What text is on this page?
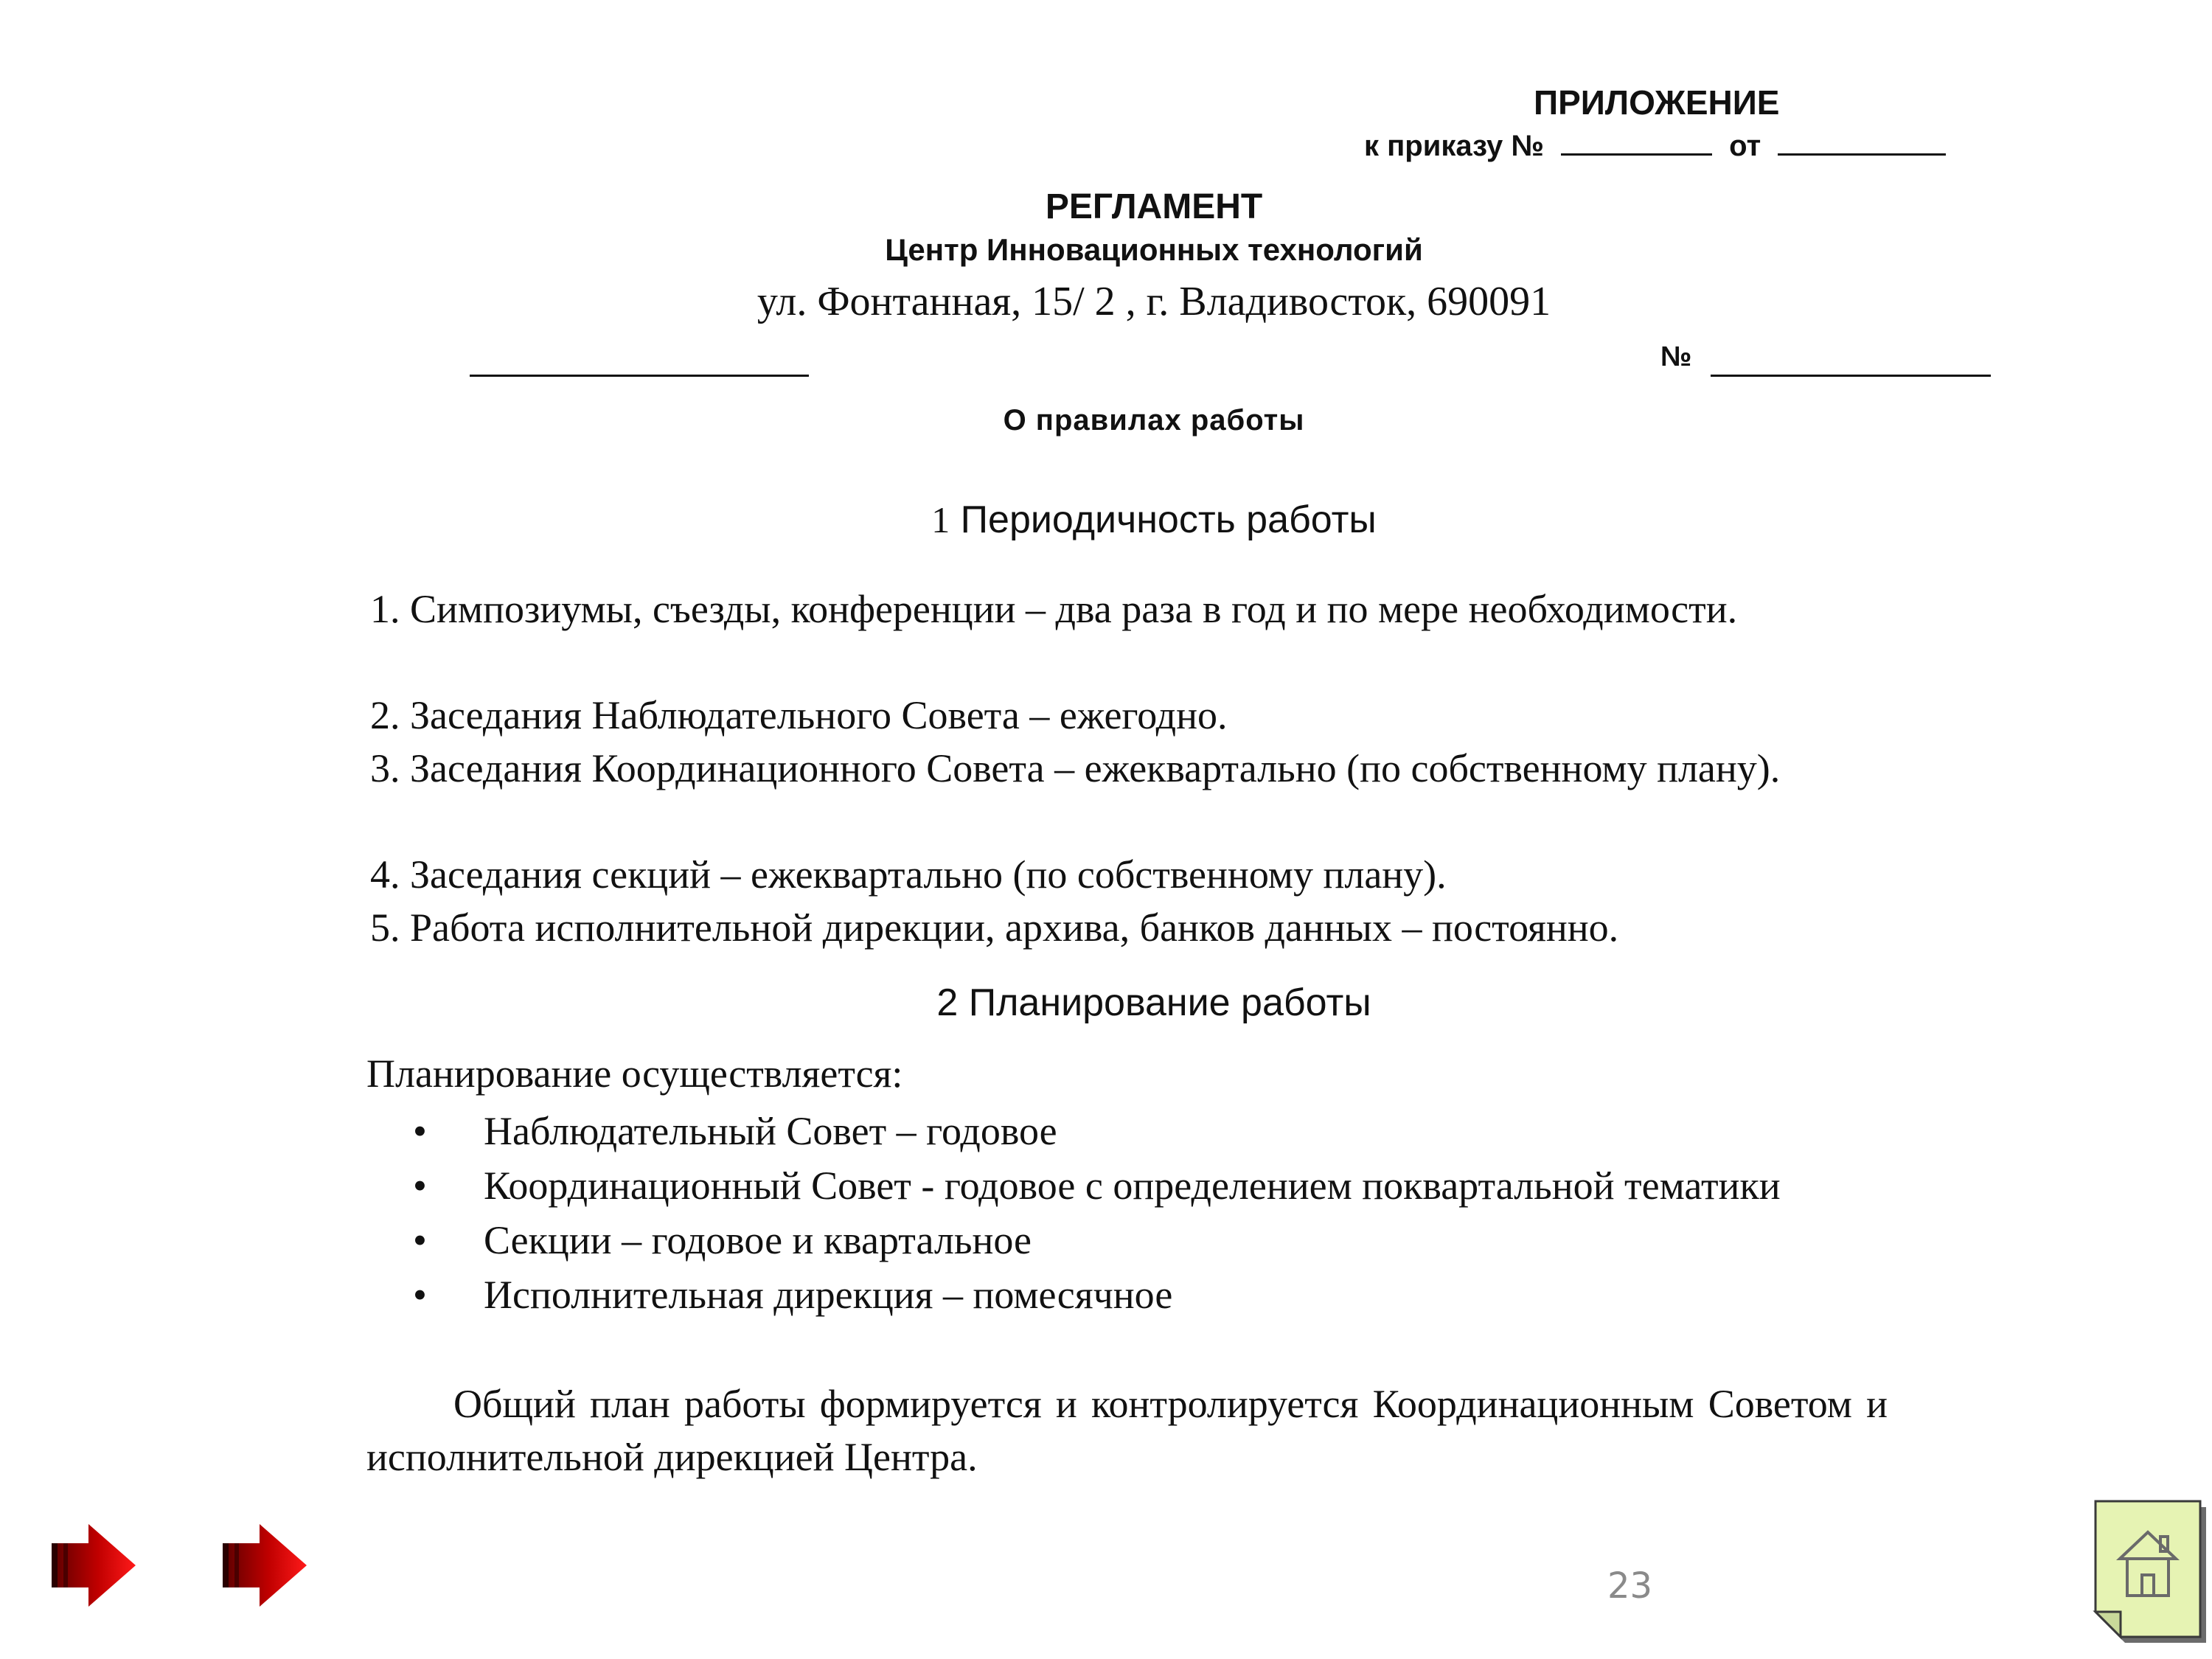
ПРИЛОЖЕНИЕ
к приказу №	от
РЕГЛАМЕНТ
Центр Инновационных технологий
ул. Фонтанная, 15/ 2 , г. Владивосток, 690091
№
О правилах работы
1 Периодичность работы
1. Симпозиумы, съезды, конференции – два раза в год и по мере необходимости.
2. Заседания Наблюдательного Совета – ежегодно.
3. Заседания Координационного Совета – ежеквартально (по собственному плану).
4. Заседания секций – ежеквартально (по собственному плану).
5. Работа исполнительной дирекции, архива, банков данных – постоянно.
2 Планирование работы
Планирование осуществляется:
• Наблюдательный Совет – годовое
• Координационный Совет - годовое с определением поквартальной тематики
• Секции – годовое и квартальное
• Исполнительная дирекция – помесячное
Общий план работы формируется и контролируется Координационным Советом и исполнительной дирекцией Центра.
23
